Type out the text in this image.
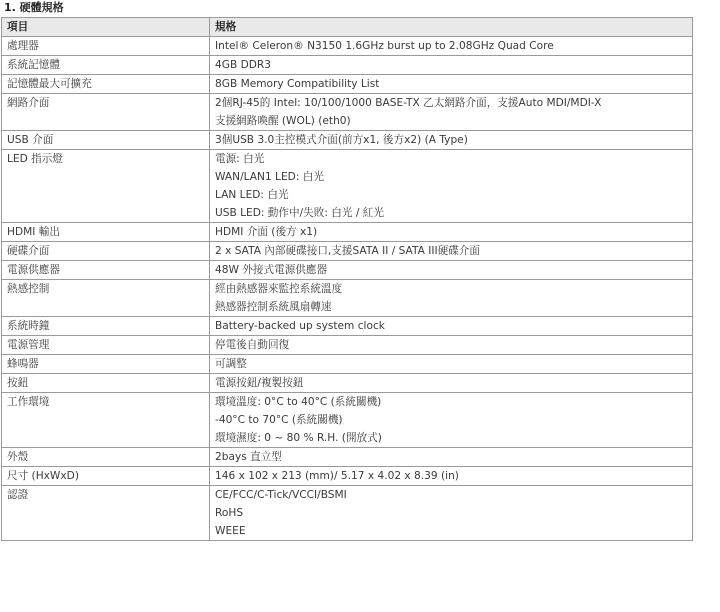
1. 硬體規格
項目	規格
處理器	Intel® Celeron® N3150 1.6GHz burst up to 2.08GHz Quad Core

系統記憶體	4GB DDR3

記憶體最大可擴充	8GB Memory Compatibility List

網路介面	2個RJ-45的 Intel: 10/100/1000 BASE-TX 乙太網路介面，支援Auto MDI/MDI-X
支援網路喚醒 (WOL) (eth0)

USB 介面	3個USB 3.0主控模式介面(前方x1, 後方x2) (A Type)

LED 指示燈	電源: 白光
WAN/LAN1 LED: 白光
LAN LED: 白光
USB LED: 動作中/失敗: 白光 / 紅光

HDMI 輸出	HDMI 介面 (後方 x1)

硬碟介面	2 x SATA 內部硬碟接口,支援SATA II / SATA III硬碟介面

電源供應器	48W 外接式電源供應器

熱感控制	經由熱感器來監控系統溫度
熱感器控制系統風扇轉速

系統時鐘	Battery-backed up system clock

電源管理	停電後自動回復

蜂鳴器	可調整

按鈕	電源按鈕/複製按鈕

工作環境	環境溫度: 0°C to 40°C (系統關機)
-40°C to 70°C (系統關機)
環境濕度: 0 ~ 80 % R.H. (開放式)

外殼	2bays 直立型

尺寸 (HxWxD)	146 x 102 x 213 (mm)/ 5.17 x 4.02 x 8.39 (in)

認證	CE/FCC/C-Tick/VCCI/BSMI
RoHS
WEEE
